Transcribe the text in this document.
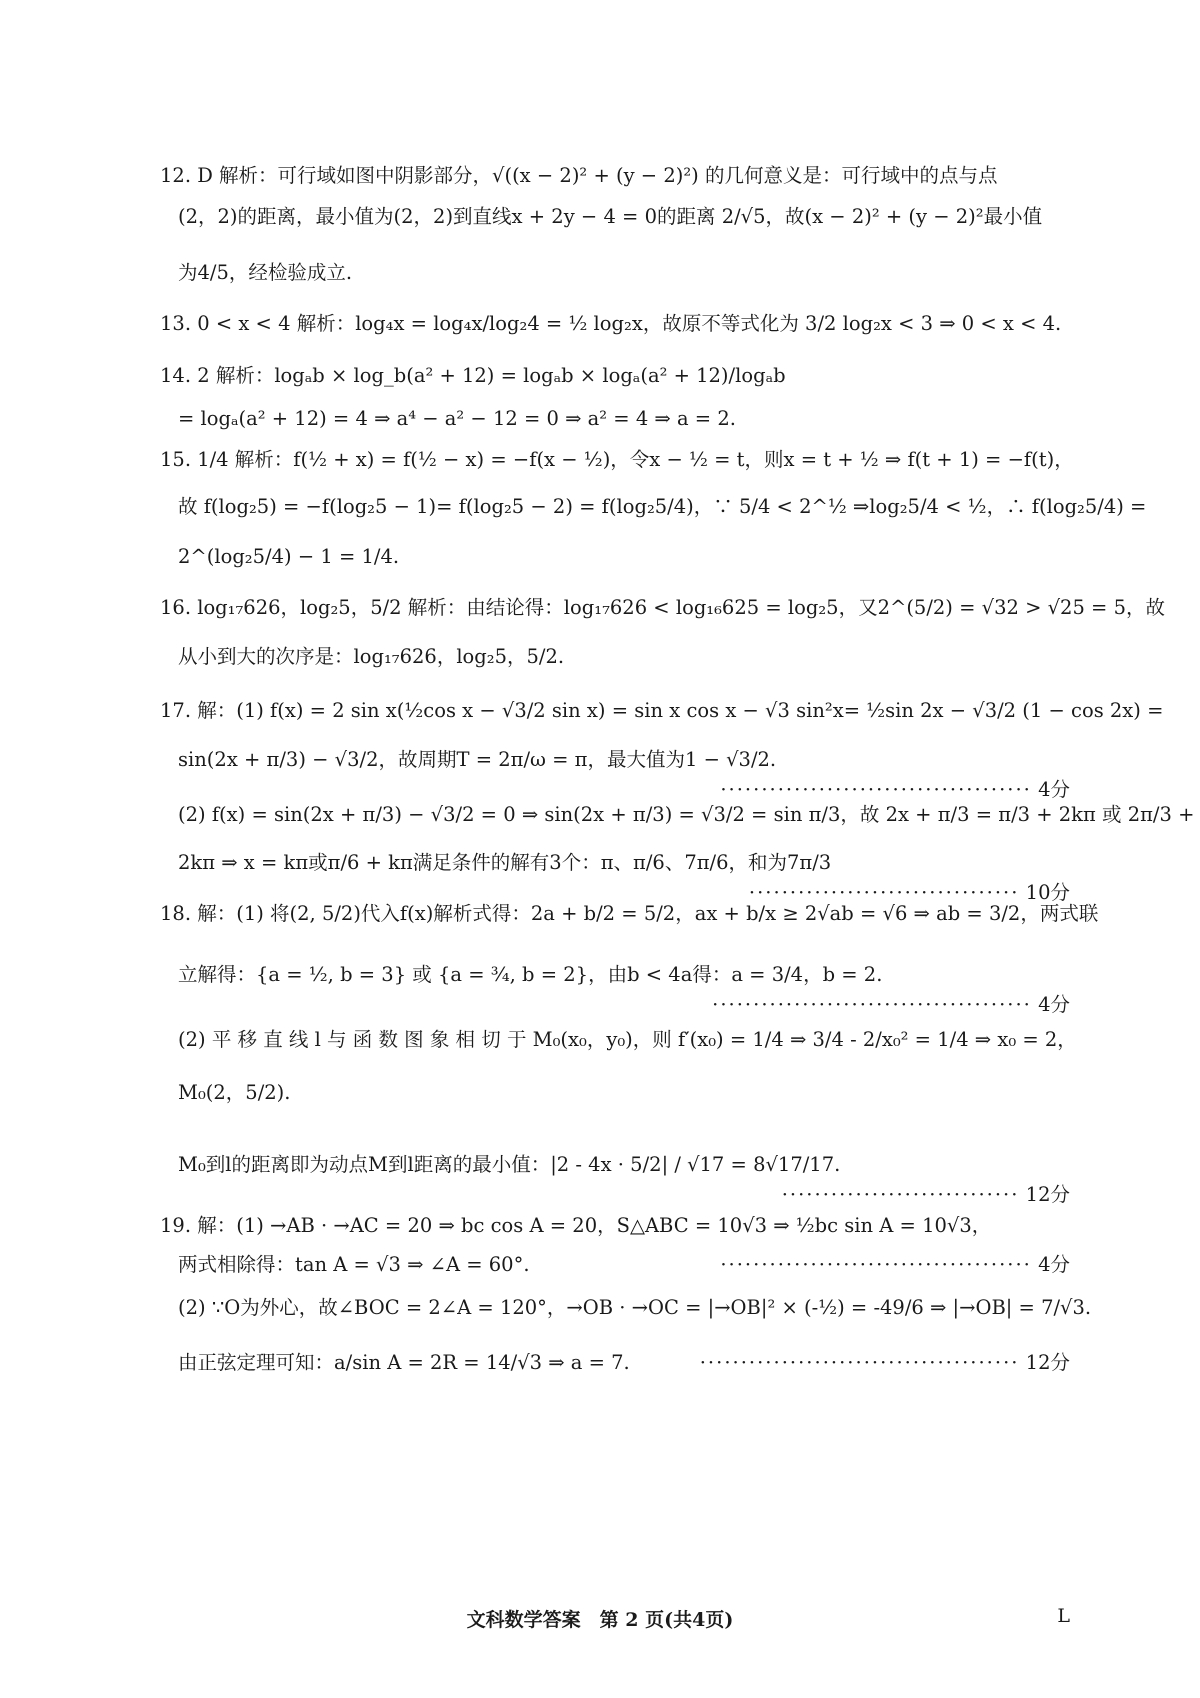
12. D 解析：可行域如图中阴影部分，√((x − 2)² + (y − 2)²) 的几何意义是：可行域中的点与点
(2，2)的距离，最小值为(2，2)到直线x + 2y − 4 = 0的距离 2/√5，故(x − 2)² + (y − 2)²最小值
为4/5，经检验成立.
13. 0 < x < 4 解析：log₄x = log₄x/log₂4 = ½ log₂x，故原不等式化为 3/2 log₂x < 3 ⇒ 0 < x < 4.
14. 2 解析：logₐb × log_b(a² + 12) = logₐb × logₐ(a² + 12)/logₐb
= logₐ(a² + 12) = 4 ⇒ a⁴ − a² − 12 = 0 ⇒ a² = 4 ⇒ a = 2.
15. 1/4 解析：f(½ + x) = f(½ − x) = −f(x − ½)，令x − ½ = t，则x = t + ½ ⇒ f(t + 1) = −f(t)，
故 f(log₂5) = −f(log₂5 − 1)= f(log₂5 − 2) = f(log₂5/4)，∵ 5/4 < 2^½ ⇒log₂5/4 < ½，∴ f(log₂5/4) =
2^(log₂5/4) − 1 = 1/4.
16. log₁₇626，log₂5，5/2 解析：由结论得：log₁₇626 < log₁₆625 = log₂5，又2^(5/2) = √32 > √25 = 5，故
从小到大的次序是：log₁₇626，log₂5，5/2.
17. 解：(1) f(x) = 2 sin x(½cos x − √3/2 sin x) = sin x cos x − √3 sin²x= ½sin 2x − √3/2 (1 − cos 2x) =
sin(2x + π/3) − √3/2，故周期T = 2π/ω = π，最大值为1 − √3/2.
······································ 4分
(2) f(x) = sin(2x + π/3) − √3/2 = 0 ⇒ sin(2x + π/3) = √3/2 = sin π/3，故 2x + π/3 = π/3 + 2kπ 或 2π/3 +
2kπ ⇒ x = kπ或π/6 + kπ满足条件的解有3个：π、π/6、7π/6，和为7π/3
································· 10分
18. 解：(1) 将(2, 5/2)代入f(x)解析式得：2a + b/2 = 5/2，ax + b/x ≥ 2√ab = √6 ⇒ ab = 3/2，两式联
立解得：{a = ½, b = 3} 或 {a = ¾, b = 2}，由b < 4a得：a = 3/4，b = 2.
······································· 4分
(2) 平 移 直 线 l 与 函 数 图 象 相 切 于 M₀(x₀，y₀)，则 f′(x₀) = 1/4 ⇒ 3/4 - 2/x₀² = 1/4 ⇒ x₀ = 2，
M₀(2，5/2).
M₀到l的距离即为动点M到l距离的最小值：|2 - 4x · 5/2| / √17 = 8√17/17.
····························· 12分
19. 解：(1) →AB · →AC = 20 ⇒ bc cos A = 20，S△ABC = 10√3 ⇒ ½bc sin A = 10√3，
两式相除得：tan A = √3 ⇒ ∠A = 60°.	······································ 4分
(2) ∵O为外心，故∠BOC = 2∠A = 120°，→OB · →OC = |→OB|² × (-½) = -49/6 ⇒ |→OB| = 7/√3.
由正弦定理可知：a/sin A = 2R = 14/√3 ⇒ a = 7.	······································· 12分
文科数学答案　第 2 页(共4页)	L
